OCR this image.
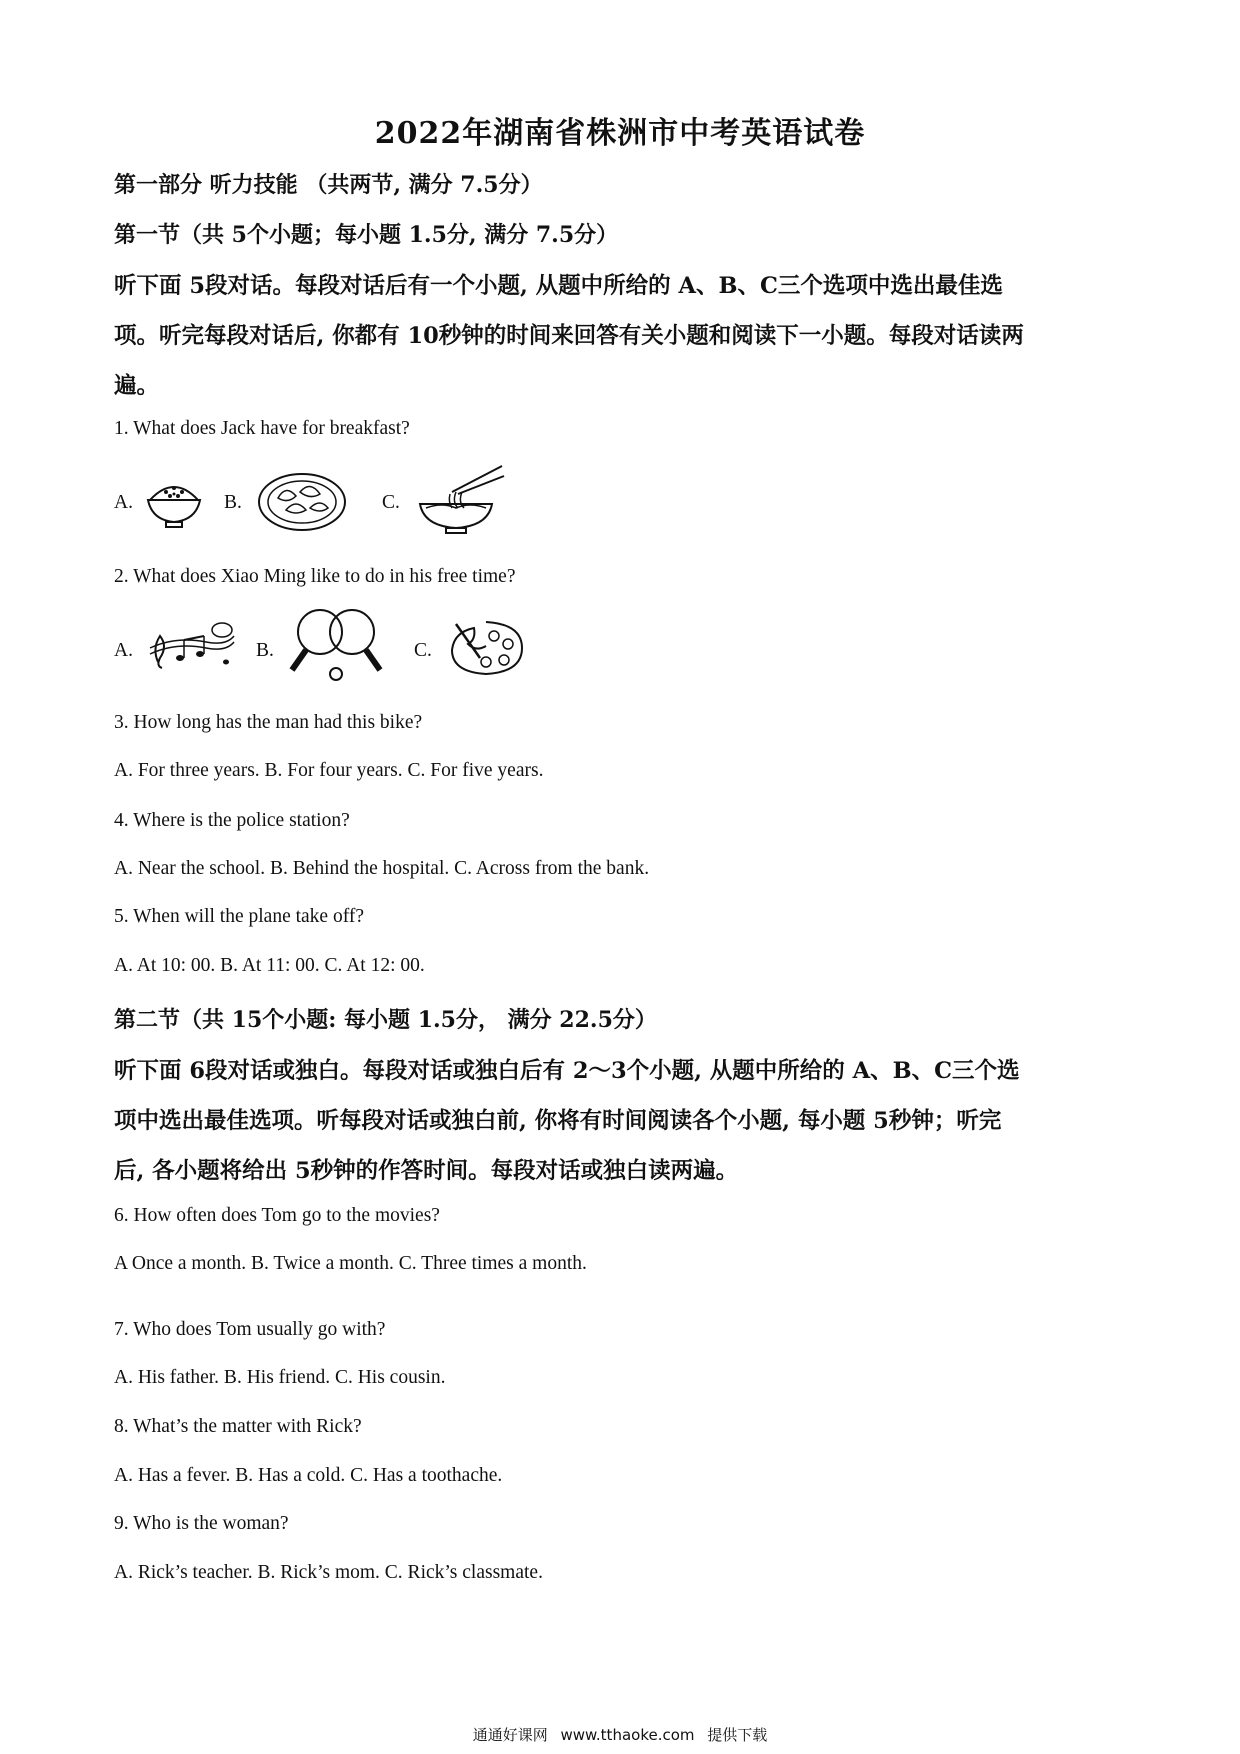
2022年湖南省株洲市中考英语试卷
第一部分 听力技能 （共两节, 满分 7.5分）
第一节（共 5个小题；每小题 1.5分, 满分 7.5分）
听下面 5段对话。每段对话后有一个小题, 从题中所给的 A、B、C三个选项中选出最佳选
项。听完每段对话后, 你都有 10秒钟的时间来回答有关小题和阅读下一小题。每段对话读两
遍。
1. What does Jack have for breakfast?
A.	B.	C.
2. What does Xiao Ming like to do in his free time?
A.	B.	C.
3. How long has the man had this bike?
A. For three years. B. For four years. C. For five years.
4. Where is the police station?
A. Near the school. B. Behind the hospital. C. Across from the bank.
5. When will the plane take off?
A. At 10: 00. B. At 11: 00. C. At 12: 00.
第二节（共 15个小题: 每小题 1.5分， 满分 22.5分）
听下面 6段对话或独白。每段对话或独白后有 2～3个小题, 从题中所给的 A、B、C三个选
项中选出最佳选项。听每段对话或独白前, 你将有时间阅读各个小题, 每小题 5秒钟；听完
后, 各小题将给出 5秒钟的作答时间。每段对话或独白读两遍。
6. How often does Tom go to the movies?
A Once a month. B. Twice a month. C. Three times a month.
7. Who does Tom usually go with?
A. His father. B. His friend. C. His cousin.
8. What’s the matter with Rick?
A. Has a fever. B. Has a cold. C. Has a toothache.
9. Who is the woman?
A. Rick’s teacher. B. Rick’s mom. C. Rick’s classmate.
通通好课网 www.tthaoke.com 提供下载
